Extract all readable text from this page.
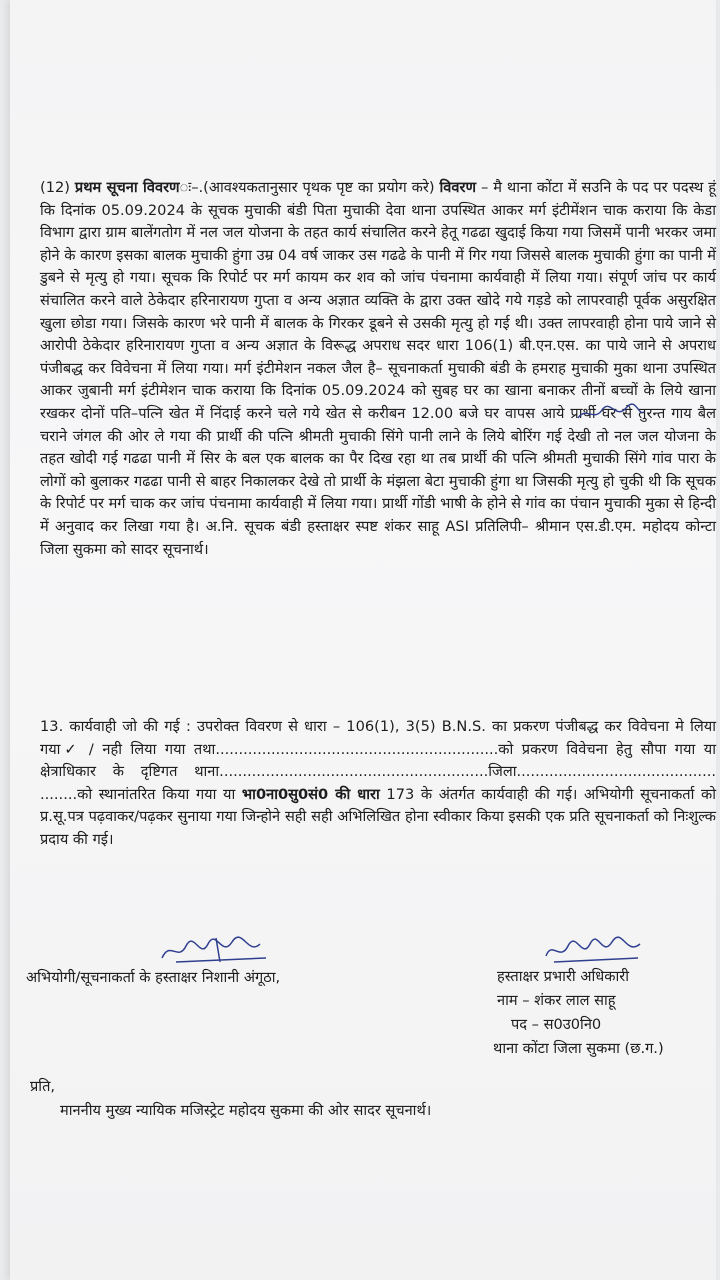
(12) प्रथम सूचना विवरणः–.(आवश्यकतानुसार पृथक पृष्ट का प्रयोग करे) विवरण – मै थाना कोंटा में सउनि के पद पर पदस्थ हूं कि दिनांक 05.09.2024 के सूचक मुचाकी बंडी पिता मुचाकी देवा थाना उपस्थित आकर मर्ग इंटीमेंशन चाक कराया कि केडा विभाग द्वारा ग्राम बालेंगतोग में नल जल योजना के तहत कार्य संचालित करने हेतू गढढा खुदाई किया गया जिसमें पानी भरकर जमा होने के कारण इसका बालक मुचाकी हुंगा उम्र 04 वर्ष जाकर उस गढढे के पानी में गिर गया जिससे बालक मुचाकी हुंगा का पानी में डुबने से मृत्यु हो गया। सूचक कि रिपोर्ट पर मर्ग कायम कर शव को जांच पंचनामा कार्यवाही में लिया गया। संपूर्ण जांच पर कार्य संचालित करने वाले ठेकेदार हरिनारायण गुप्ता व अन्य अज्ञात व्यक्ति के द्वारा उक्त खोदे गये गड़डे को लापरवाही पूर्वक असुरक्षित खुला छोडा गया। जिसके कारण भरे पानी में बालक के गिरकर डूबने से उसकी मृत्यु हो गई थी। उक्त लापरवाही होना पाये जाने से आरोपी ठेकेदार हरिनारायण गुप्ता व अन्य अज्ञात के विरूद्ध अपराध सदर धारा 106(1) बी.एन.एस. का पाये जाने से अपराध पंजीबद्ध कर विवेचना में लिया गया। मर्ग इंटीमेशन नकल जैल है– सूचनाकर्ता मुचाकी बंडी के हमराह मुचाकी मुका थाना उपस्थित आकर जुबानी मर्ग इंटीमेशन चाक कराया कि दिनांक 05.09.2024 को सुबह घर का खाना बनाकर तीनों बच्चों के लिये खाना रखकर दोनों पति–पत्नि खेत में निंदाई करने चले गये खेत से करीबन 12.00 बजे घर वापस आये प्रार्थी घर से तुरन्त गाय बैल चराने जंगल की ओर ले गया की प्रार्थी की पत्नि श्रीमती मुचाकी सिंगे पानी लाने के लिये बोरिंग गई देखी तो नल जल योजना के तहत खोदी गई गढढा पानी में सिर के बल एक बालक का पैर दिख रहा था तब प्रार्थी की पत्नि श्रीमती मुचाकी सिंगे गांव पारा के लोगों को बुलाकर गढढा पानी से बाहर निकालकर देखे तो प्रार्थी के मंझला बेटा मुचाकी हुंगा था जिसकी मृत्यु हो चुकी थी कि सूचक के रिपोर्ट पर मर्ग चाक कर जांच पंचनामा कार्यवाही में लिया गया। प्रार्थी गोंडी भाषी के होने से गांव का पंचान मुचाकी मुका से हिन्दी में अनुवाद कर लिखा गया है। अ.नि. सूचक बंडी हस्ताक्षर स्पष्ट शंकर साहू ASI प्रतिलिपी– श्रीमान एस.डी.एम. महोदय कोन्टा जिला सुकमा को सादर सूचनार्थ।

13. कार्यवाही जो की गई : उपरोक्त विवरण से धारा – 106(1), 3(5) B.N.S. का प्रकरण पंजीबद्ध कर विवेचना मे लिया गया✓ / नही लिया गया तथा.............................................................को प्रकरण विवेचना हेतु सौपा गया या क्षेत्राधिकार के दृष्टिगत थाना..........................................................जिला........................................... ........को स्थानांतरित किया गया या भा0ना0सु0सं0 की धारा 173 के अंतर्गत कार्यवाही की गई। अभियोगी सूचनाकर्ता को प्र.सू.पत्र पढ़वाकर/पढ़कर सुनाया गया जिन्होने सही सही अभिलिखित होना स्वीकार किया इसकी एक प्रति सूचनाकर्ता को निःशुल्क प्रदाय की गई।

अभियोगी/सूचनाकर्ता के हस्ताक्षर निशानी अंगूठा,	हस्ताक्षर प्रभारी अधिकारी
नाम – शंकर लाल साहू
पद – स0उ0नि0
थाना कोंटा जिला सुकमा (छ.ग.)
प्रति,
माननीय मुख्य न्यायिक मजिस्ट्रेट महोदय सुकमा की ओर सादर सूचनार्थ।
